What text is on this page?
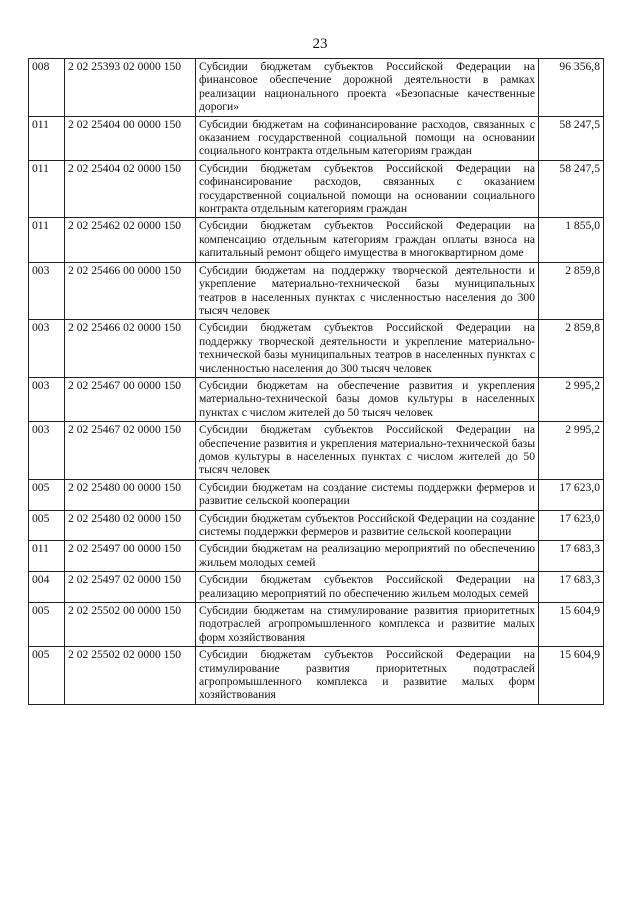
23
008	2 02 25393 02 0000 150	Субсидии бюджетам субъектов Российской Федерации на финансовое обеспечение дорожной деятельности в рамках реализации национального проекта «Безопасные качественные дороги»	96 356,8
011	2 02 25404 00 0000 150	Субсидии бюджетам на софинансирование расходов, связанных с оказанием государственной социальной помощи на основании социального контракта отдельным категориям граждан	58 247,5
011	2 02 25404 02 0000 150	Субсидии бюджетам субъектов Российской Федерации на софинансирование расходов, связанных с оказанием государственной социальной помощи на основании социального контракта отдельным категориям граждан	58 247,5
011	2 02 25462 02 0000 150	Субсидии бюджетам субъектов Российской Федерации на компенсацию отдельным категориям граждан оплаты взноса на капитальный ремонт общего имущества в многоквартирном доме	1 855,0
003	2 02 25466 00 0000 150	Субсидии бюджетам на поддержку творческой деятельности и укрепление материально-технической базы муниципальных театров в населенных пунктах с численностью населения до 300 тысяч человек	2 859,8
003	2 02 25466 02 0000 150	Субсидии бюджетам субъектов Российской Федерации на поддержку творческой деятельности и укрепление материально-технической базы муниципальных театров в населенных пунктах с численностью населения до 300 тысяч человек	2 859,8
003	2 02 25467 00 0000 150	Субсидии бюджетам на обеспечение развития и укрепления материально-технической базы домов культуры в населенных пунктах с числом жителей до 50 тысяч человек	2 995,2
003	2 02 25467 02 0000 150	Субсидии бюджетам субъектов Российской Федерации на обеспечение развития и укрепления материально-технической базы домов культуры в населенных пунктах с числом жителей до 50 тысяч человек	2 995,2
005	2 02 25480 00 0000 150	Субсидии бюджетам на создание системы поддержки фермеров и развитие сельской кооперации	17 623,0
005	2 02 25480 02 0000 150	Субсидии бюджетам субъектов Российской Федерации на создание системы поддержки фермеров и развитие сельской кооперации	17 623,0
011	2 02 25497 00 0000 150	Субсидии бюджетам на реализацию мероприятий по обеспечению жильем молодых семей	17 683,3
004	2 02 25497 02 0000 150	Субсидии бюджетам субъектов Российской Федерации на реализацию мероприятий по обеспечению жильем молодых семей	17 683,3
005	2 02 25502 00 0000 150	Субсидии бюджетам на стимулирование развития приоритетных подотраслей агропромышленного комплекса и развитие малых форм хозяйствования	15 604,9
005	2 02 25502 02 0000 150	Субсидии бюджетам субъектов Российской Федерации на стимулирование развития приоритетных подотраслей агропромышленного комплекса и развитие малых форм хозяйствования	15 604,9
